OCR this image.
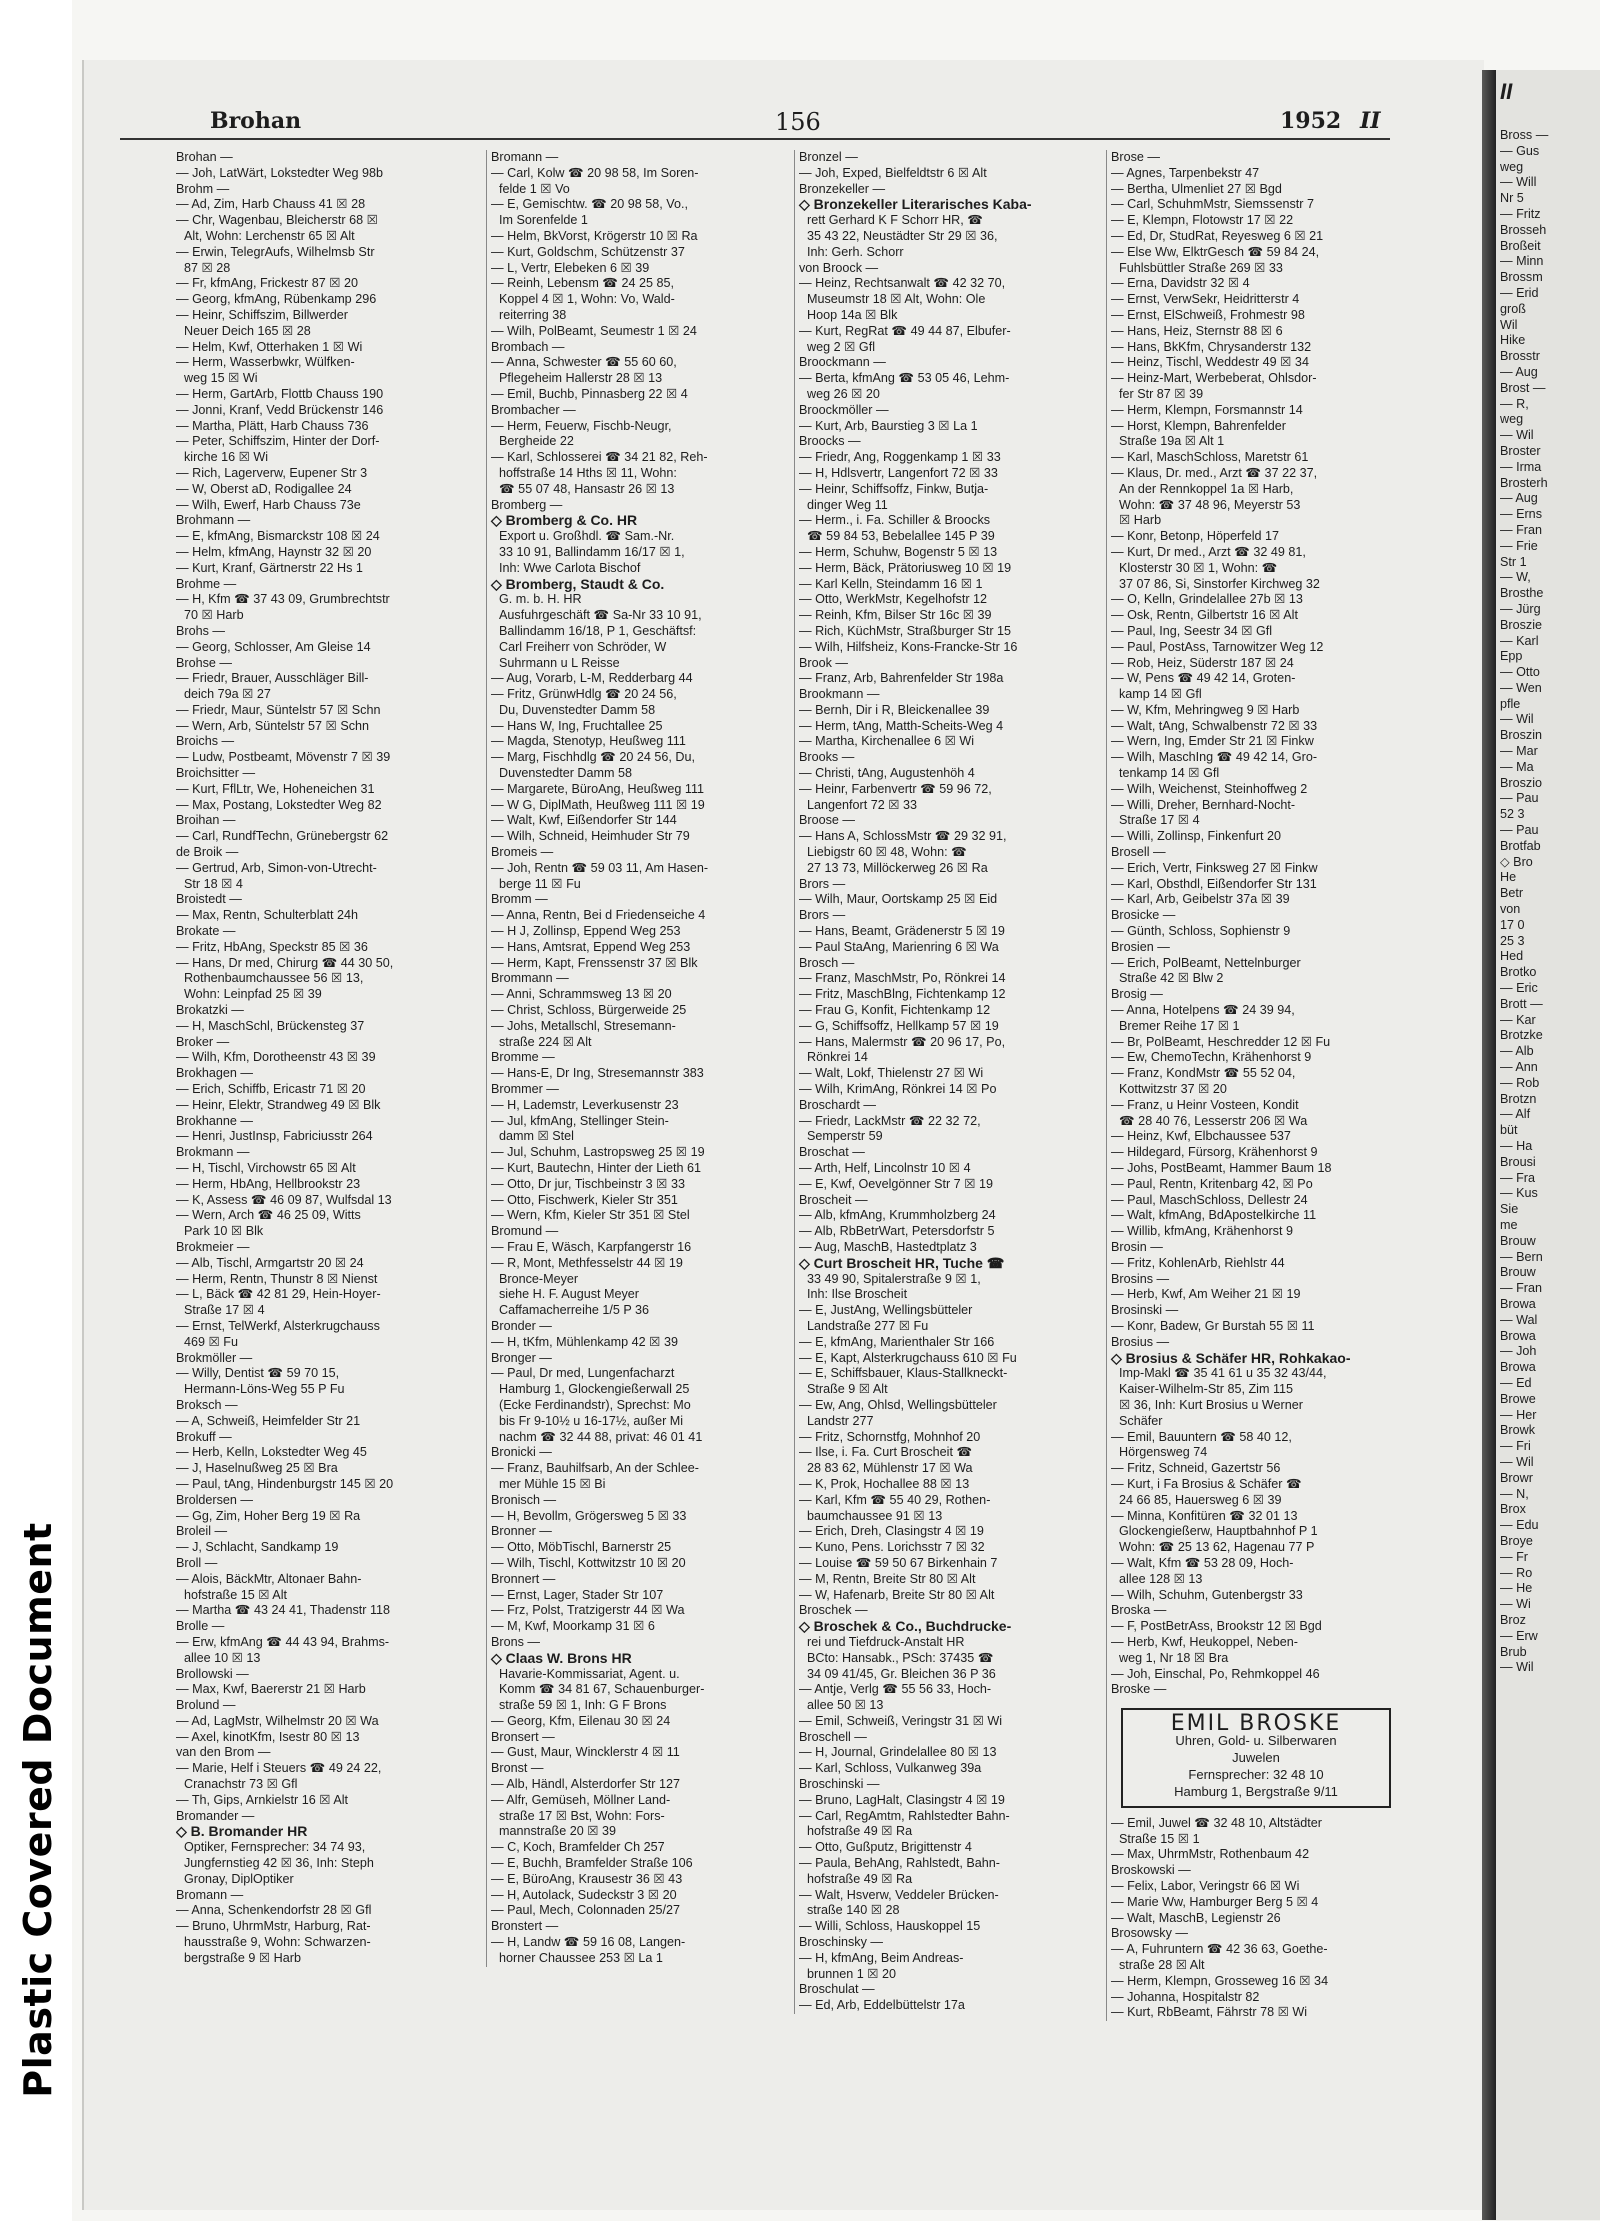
Plastic Covered Document
II
Bross —
— Gus
weg
— Will
Nr 5
— Fritz
Brosseh
Broßeit
— Minn
Brossm
— Erid
groß
Wil
Hike
Brosstr
— Aug
Brost —
— R,
weg
— Wil
Broster
— Irma
Brosterh
— Aug
— Erns
— Fran
— Frie
Str 1
— W,
Brosthe
— Jürg
Broszie
— Karl
Epp
— Otto
— Wen
pfle
— Wil
Broszin
— Mar
— Ma
Broszio
— Pau
52 3
— Pau
Brotfab
◇ Bro
He
Betr
von
17 0
25 3
Hed
Brotko
— Eric
Brott —
— Kar
Brotzke
— Alb
— Ann
— Rob
Brotzn
— Alf
büt
— Ha
Brousi
— Fra
— Kus
Sie
me
Brouw
— Bern
Brouw
— Fran
Browa
— Wal
Browa
— Joh
Browa
— Ed
Browe
— Her
Browk
— Fri
— Wil
Browr
— N,
Brox
— Edu
Broye
— Fr
— Ro
— He
— Wi
Broz
— Erw
Brub
— Wil
Brohan	156	1952 II
Brohan —
— Joh, LatWärt, Lokstedter Weg 98b
Brohm —
— Ad, Zim, Harb Chauss 41 ☒ 28
— Chr, Wagenbau, Bleicherstr 68 ☒
Alt, Wohn: Lerchenstr 65 ☒ Alt
— Erwin, TelegrAufs, Wilhelmsb Str
87 ☒ 28
— Fr, kfmAng, Frickestr 87 ☒ 20
— Georg, kfmAng, Rübenkamp 296
— Heinr, Schiffszim, Billwerder
Neuer Deich 165 ☒ 28
— Helm, Kwf, Otterhaken 1 ☒ Wi
— Herm, Wasserbwkr, Wülfken-
weg 15 ☒ Wi
— Herm, GartArb, Flottb Chauss 190
— Jonni, Kranf, Vedd Brückenstr 146
— Martha, Plätt, Harb Chauss 736
— Peter, Schiffszim, Hinter der Dorf-
kirche 16 ☒ Wi
— Rich, Lagerverw, Eupener Str 3
— W, Oberst aD, Rodigallee 24
— Wilh, Ewerf, Harb Chauss 73e
Brohmann —
— E, kfmAng, Bismarckstr 108 ☒ 24
— Helm, kfmAng, Haynstr 32 ☒ 20
— Kurt, Kranf, Gärtnerstr 22 Hs 1
Brohme —
— H, Kfm ☎ 37 43 09, Grumbrechtstr
70 ☒ Harb
Brohs —
— Georg, Schlosser, Am Gleise 14
Brohse —
— Friedr, Brauer, Ausschläger Bill-
deich 79a ☒ 27
— Friedr, Maur, Süntelstr 57 ☒ Schn
— Wern, Arb, Süntelstr 57 ☒ Schn
Broichs —
— Ludw, Postbeamt, Mövenstr 7 ☒ 39
Broichsitter —
— Kurt, FflLtr, We, Hoheneichen 31
— Max, Postang, Lokstedter Weg 82
Broihan —
— Carl, RundfTechn, Grünebergstr 62
de Broik —
— Gertrud, Arb, Simon-von-Utrecht-
Str 18 ☒ 4
Broistedt —
— Max, Rentn, Schulterblatt 24h
Brokate —
— Fritz, HbAng, Speckstr 85 ☒ 36
— Hans, Dr med, Chirurg ☎ 44 30 50,
Rothenbaumchaussee 56 ☒ 13,
Wohn: Leinpfad 25 ☒ 39
Brokatzki —
— H, MaschSchl, Brückensteg 37
Broker —
— Wilh, Kfm, Dorotheenstr 43 ☒ 39
Brokhagen —
— Erich, Schiffb, Ericastr 71 ☒ 20
— Heinr, Elektr, Strandweg 49 ☒ Blk
Brokhanne —
— Henri, JustInsp, Fabriciusstr 264
Brokmann —
— H, Tischl, Virchowstr 65 ☒ Alt
— Herm, HbAng, Hellbrookstr 23
— K, Assess ☎ 46 09 87, Wulfsdal 13
— Wern, Arch ☎ 46 25 09, Witts
Park 10 ☒ Blk
Brokmeier —
— Alb, Tischl, Armgartstr 20 ☒ 24
— Herm, Rentn, Thunstr 8 ☒ Nienst
— L, Bäck ☎ 42 81 29, Hein-Hoyer-
Straße 17 ☒ 4
— Ernst, TelWerkf, Alsterkrugchauss
469 ☒ Fu
Brokmöller —
— Willy, Dentist ☎ 59 70 15,
Hermann-Löns-Weg 55 P Fu
Broksch —
— A, Schweiß, Heimfelder Str 21
Brokuff —
— Herb, Kelln, Lokstedter Weg 45
— J, Haselnußweg 25 ☒ Bra
— Paul, tAng, Hindenburgstr 145 ☒ 20
Broldersen —
— Gg, Zim, Hoher Berg 19 ☒ Ra
Broleil —
— J, Schlacht, Sandkamp 19
Broll —
— Alois, BäckMtr, Altonaer Bahn-
hofstraße 15 ☒ Alt
— Martha ☎ 43 24 41, Thadenstr 118
Brolle —
— Erw, kfmAng ☎ 44 43 94, Brahms-
allee 10 ☒ 13
Brollowski —
— Max, Kwf, Baererstr 21 ☒ Harb
Brolund —
— Ad, LagMstr, Wilhelmstr 20 ☒ Wa
— Axel, kinotKfm, Isestr 80 ☒ 13
van den Brom —
— Marie, Helf i Steuers ☎ 49 24 22,
Cranachstr 73 ☒ Gfl
— Th, Gips, Arnkielstr 16 ☒ Alt
Bromander —
◇ B. Bromander HR
Optiker, Fernsprecher: 34 74 93,
Jungfernstieg 42 ☒ 36, Inh: Steph
Gronay, DiplOptiker
Bromann —
— Anna, Schenkendorfstr 28 ☒ Gfl
— Bruno, UhrmMstr, Harburg, Rat-
hausstraße 9, Wohn: Schwarzen-
bergstraße 9 ☒ Harb
Bromann —
— Carl, Kolw ☎ 20 98 58, Im Soren-
felde 1 ☒ Vo
— E, Gemischtw. ☎ 20 98 58, Vo.,
Im Sorenfelde 1
— Helm, BkVorst, Krögerstr 10 ☒ Ra
— Kurt, Goldschm, Schützenstr 37
— L, Vertr, Elebeken 6 ☒ 39
— Reinh, Lebensm ☎ 24 25 85,
Koppel 4 ☒ 1, Wohn: Vo, Wald-
reiterring 38
— Wilh, PolBeamt, Seumestr 1 ☒ 24
Brombach —
— Anna, Schwester ☎ 55 60 60,
Pflegeheim Hallerstr 28 ☒ 13
— Emil, Buchb, Pinnasberg 22 ☒ 4
Brombacher —
— Herm, Feuerw, Fischb-Neugr,
Bergheide 22
— Karl, Schlosserei ☎ 34 21 82, Reh-
hoffstraße 14 Hths ☒ 11, Wohn:
☎ 55 07 48, Hansastr 26 ☒ 13
Bromberg —
◇ Bromberg & Co. HR
Export u. Großhdl. ☎ Sam.-Nr.
33 10 91, Ballindamm 16/17 ☒ 1,
Inh: Wwe Carlota Bischof
◇ Bromberg, Staudt & Co.
G. m. b. H. HR
Ausfuhrgeschäft ☎ Sa-Nr 33 10 91,
Ballindamm 16/18, P 1, Geschäftsf:
Carl Freiherr von Schröder, W
Suhrmann u L Reisse
— Aug, Vorarb, L-M, Redderbarg 44
— Fritz, GrünwHdlg ☎ 20 24 56,
Du, Duvenstedter Damm 58
— Hans W, Ing, Fruchtallee 25
— Magda, Stenotyp, Heußweg 111
— Marg, Fischhdlg ☎ 20 24 56, Du,
Duvenstedter Damm 58
— Margarete, BüroAng, Heußweg 111
— W G, DiplMath, Heußweg 111 ☒ 19
— Walt, Kwf, Eißendorfer Str 144
— Wilh, Schneid, Heimhuder Str 79
Bromeis —
— Joh, Rentn ☎ 59 03 11, Am Hasen-
berge 11 ☒ Fu
Bromm —
— Anna, Rentn, Bei d Friedenseiche 4
— H J, Zollinsp, Eppend Weg 253
— Hans, Amtsrat, Eppend Weg 253
— Herm, Kapt, Frenssenstr 37 ☒ Blk
Brommann —
— Anni, Schrammsweg 13 ☒ 20
— Christ, Schloss, Bürgerweide 25
— Johs, Metallschl, Stresemann-
straße 224 ☒ Alt
Bromme —
— Hans-E, Dr Ing, Stresemannstr 383
Brommer —
— H, Lademstr, Leverkusenstr 23
— Jul, kfmAng, Stellinger Stein-
damm ☒ Stel
— Jul, Schuhm, Lastropsweg 25 ☒ 19
— Kurt, Bautechn, Hinter der Lieth 61
— Otto, Dr jur, Tischbeinstr 3 ☒ 33
— Otto, Fischwerk, Kieler Str 351
— Wern, Kfm, Kieler Str 351 ☒ Stel
Bromund —
— Frau E, Wäsch, Karpfangerstr 16
— R, Mont, Methfesselstr 44 ☒ 19
Bronce-Meyer
siehe H. F. August Meyer
Caffamacherreihe 1/5 P 36
Bronder —
— H, tKfm, Mühlenkamp 42 ☒ 39
Bronger —
— Paul, Dr med, Lungenfacharzt
Hamburg 1, Glockengießerwall 25
(Ecke Ferdinandstr), Sprechst: Mo
bis Fr 9-10½ u 16-17½, außer Mi
nachm ☎ 32 44 88, privat: 46 01 41
Bronicki —
— Franz, Bauhilfsarb, An der Schlee-
mer Mühle 15 ☒ Bi
Bronisch —
— H, Bevollm, Grögersweg 5 ☒ 33
Bronner —
— Otto, MöbTischl, Barnerstr 25
— Wilh, Tischl, Kottwitzstr 10 ☒ 20
Bronnert —
— Ernst, Lager, Stader Str 107
— Frz, Polst, Tratzigerstr 44 ☒ Wa
— M, Kwf, Moorkamp 31 ☒ 6
Brons —
◇ Claas W. Brons HR
Havarie-Kommissariat, Agent. u.
Komm ☎ 34 81 67, Schauenburger-
straße 59 ☒ 1, Inh: G F Brons
— Georg, Kfm, Eilenau 30 ☒ 24
Bronsert —
— Gust, Maur, Wincklerstr 4 ☒ 11
Bronst —
— Alb, Händl, Alsterdorfer Str 127
— Alfr, Gemüseh, Möllner Land-
straße 17 ☒ Bst, Wohn: Fors-
mannstraße 20 ☒ 39
— C, Koch, Bramfelder Ch 257
— E, Buchh, Bramfelder Straße 106
— E, BüroAng, Krausestr 36 ☒ 43
— H, Autolack, Sudeckstr 3 ☒ 20
— Paul, Mech, Colonnaden 25/27
Bronstert —
— H, Landw ☎ 59 16 08, Langen-
horner Chaussee 253 ☒ La 1
Bronzel —
— Joh, Exped, Bielfeldtstr 6 ☒ Alt
Bronzekeller —
◇ Bronzekeller Literarisches Kaba-
rett Gerhard K F Schorr HR, ☎
35 43 22, Neustädter Str 29 ☒ 36,
Inh: Gerh. Schorr
von Broock —
— Heinz, Rechtsanwalt ☎ 42 32 70,
Museumstr 18 ☒ Alt, Wohn: Ole
Hoop 14a ☒ Blk
— Kurt, RegRat ☎ 49 44 87, Elbufer-
weg 2 ☒ Gfl
Broockmann —
— Berta, kfmAng ☎ 53 05 46, Lehm-
weg 26 ☒ 20
Broockmöller —
— Kurt, Arb, Baurstieg 3 ☒ La 1
Broocks —
— Friedr, Ang, Roggenkamp 1 ☒ 33
— H, Hdlsvertr, Langenfort 72 ☒ 33
— Heinr, Schiffsoffz, Finkw, Butja-
dinger Weg 11
— Herm., i. Fa. Schiller & Broocks
☎ 59 84 53, Bebelallee 145 P 39
— Herm, Schuhw, Bogenstr 5 ☒ 13
— Herm, Bäck, Prätoriusweg 10 ☒ 19
— Karl Kelln, Steindamm 16 ☒ 1
— Otto, WerkMstr, Kegelhofstr 12
— Reinh, Kfm, Bilser Str 16c ☒ 39
— Rich, KüchMstr, Straßburger Str 15
— Wilh, Hilfsheiz, Kons-Francke-Str 16
Brook —
— Franz, Arb, Bahrenfelder Str 198a
Brookmann —
— Bernh, Dir i R, Bleickenallee 39
— Herm, tAng, Matth-Scheits-Weg 4
— Martha, Kirchenallee 6 ☒ Wi
Brooks —
— Christi, tAng, Augustenhöh 4
— Heinr, Farbenvertr ☎ 59 96 72,
Langenfort 72 ☒ 33
Broose —
— Hans A, SchlossMstr ☎ 29 32 91,
Liebigstr 60 ☒ 48, Wohn: ☎
27 13 73, Millöckerweg 26 ☒ Ra
Brors —
— Wilh, Maur, Oortskamp 25 ☒ Eid
Brors —
— Hans, Beamt, Grädenerstr 5 ☒ 19
— Paul StaAng, Marienring 6 ☒ Wa
Brosch —
— Franz, MaschMstr, Po, Rönkrei 14
— Fritz, MaschBlng, Fichtenkamp 12
— Frau G, Konfit, Fichtenkamp 12
— G, Schiffsoffz, Hellkamp 57 ☒ 19
— Hans, Malermstr ☎ 20 96 17, Po,
Rönkrei 14
— Walt, Lokf, Thielenstr 27 ☒ Wi
— Wilh, KrimAng, Rönkrei 14 ☒ Po
Broschardt —
— Friedr, LackMstr ☎ 22 32 72,
Semperstr 59
Broschat —
— Arth, Helf, Lincolnstr 10 ☒ 4
— E, Kwf, Oevelgönner Str 7 ☒ 19
Broscheit —
— Alb, kfmAng, Krummholzberg 24
— Alb, RbBetrWart, Petersdorfstr 5
— Aug, MaschB, Hastedtplatz 3
◇ Curt Broscheit HR, Tuche ☎
33 49 90, Spitalerstraße 9 ☒ 1,
Inh: Ilse Broscheit
— E, JustAng, Wellingsbütteler
Landstraße 277 ☒ Fu
— E, kfmAng, Marienthaler Str 166
— E, Kapt, Alsterkrugchauss 610 ☒ Fu
— E, Schiffsbauer, Klaus-Stallkneckt-
Straße 9 ☒ Alt
— Ew, Ang, Ohlsd, Wellingsbütteler
Landstr 277
— Fritz, Schornstfg, Mohnhof 20
— Ilse, i. Fa. Curt Broscheit ☎
28 83 62, Mühlenstr 17 ☒ Wa
— K, Prok, Hochallee 88 ☒ 13
— Karl, Kfm ☎ 55 40 29, Rothen-
baumchaussee 91 ☒ 13
— Erich, Dreh, Clasingstr 4 ☒ 19
— Kuno, Pens. Lorichsstr 7 ☒ 32
— Louise ☎ 59 50 67 Birkenhain 7
— M, Rentn, Breite Str 80 ☒ Alt
— W, Hafenarb, Breite Str 80 ☒ Alt
Broschek —
◇ Broschek & Co., Buchdrucke-
rei und Tiefdruck-Anstalt HR
BCto: Hansabk., PSch: 37435 ☎
34 09 41/45, Gr. Bleichen 36 P 36
— Antje, Verlg ☎ 55 56 33, Hoch-
allee 50 ☒ 13
— Emil, Schweiß, Veringstr 31 ☒ Wi
Broschell —
— H, Journal, Grindelallee 80 ☒ 13
— Karl, Schloss, Vulkanweg 39a
Broschinski —
— Bruno, LagHalt, Clasingstr 4 ☒ 19
— Carl, RegAmtm, Rahlstedter Bahn-
hofstraße 49 ☒ Ra
— Otto, Gußputz, Brigittenstr 4
— Paula, BehAng, Rahlstedt, Bahn-
hofstraße 49 ☒ Ra
— Walt, Hsverw, Veddeler Brücken-
straße 140 ☒ 28
— Willi, Schloss, Hauskoppel 15
Broschinsky —
— H, kfmAng, Beim Andreas-
brunnen 1 ☒ 20
Broschulat —
— Ed, Arb, Eddelbüttelstr 17a
Brose —
— Agnes, Tarpenbekstr 47
— Bertha, Ulmenliet 27 ☒ Bgd
— Carl, SchuhmMstr, Siemssenstr 7
— E, Klempn, Flotowstr 17 ☒ 22
— Ed, Dr, StudRat, Reyesweg 6 ☒ 21
— Else Ww, ElktrGesch ☎ 59 84 24,
Fuhlsbüttler Straße 269 ☒ 33
— Erna, Davidstr 32 ☒ 4
— Ernst, VerwSekr, Heidritterstr 4
— Ernst, ElSchweiß, Frohmestr 98
— Hans, Heiz, Sternstr 88 ☒ 6
— Hans, BkKfm, Chrysanderstr 132
— Heinz, Tischl, Weddestr 49 ☒ 34
— Heinz-Mart, Werbeberat, Ohlsdor-
fer Str 87 ☒ 39
— Herm, Klempn, Forsmannstr 14
— Horst, Klempn, Bahrenfelder
Straße 19a ☒ Alt 1
— Karl, MaschSchloss, Maretstr 61
— Klaus, Dr. med., Arzt ☎ 37 22 37,
An der Rennkoppel 1a ☒ Harb,
Wohn: ☎ 37 48 96, Meyerstr 53
☒ Harb
— Konr, Betonp, Höperfeld 17
— Kurt, Dr med., Arzt ☎ 32 49 81,
Klosterstr 30 ☒ 1, Wohn: ☎
37 07 86, Si, Sinstorfer Kirchweg 32
— O, Kelln, Grindelallee 27b ☒ 13
— Osk, Rentn, Gilbertstr 16 ☒ Alt
— Paul, Ing, Seestr 34 ☒ Gfl
— Paul, PostAss, Tarnowitzer Weg 12
— Rob, Heiz, Süderstr 187 ☒ 24
— W, Pens ☎ 49 42 14, Groten-
kamp 14 ☒ Gfl
— W, Kfm, Mehringweg 9 ☒ Harb
— Walt, tAng, Schwalbenstr 72 ☒ 33
— Wern, Ing, Emder Str 21 ☒ Finkw
— Wilh, MaschIng ☎ 49 42 14, Gro-
tenkamp 14 ☒ Gfl
— Wilh, Weichenst, Steinhoffweg 2
— Willi, Dreher, Bernhard-Nocht-
Straße 17 ☒ 4
— Willi, Zollinsp, Finkenfurt 20
Brosell —
— Erich, Vertr, Finksweg 27 ☒ Finkw
— Karl, Obsthdl, Eißendorfer Str 131
— Karl, Arb, Geibelstr 37a ☒ 39
Brosicke —
— Günth, Schloss, Sophienstr 9
Brosien —
— Erich, PolBeamt, Nettelnburger
Straße 42 ☒ Blw 2
Brosig —
— Anna, Hotelpens ☎ 24 39 94,
Bremer Reihe 17 ☒ 1
— Br, PolBeamt, Heschredder 12 ☒ Fu
— Ew, ChemoTechn, Krähenhorst 9
— Franz, KondMstr ☎ 55 52 04,
Kottwitzstr 37 ☒ 20
— Franz, u Heinr Vosteen, Kondit
☎ 28 40 76, Lesserstr 206 ☒ Wa
— Heinz, Kwf, Elbchaussee 537
— Hildegard, Fürsorg, Krähenhorst 9
— Johs, PostBeamt, Hammer Baum 18
— Paul, Rentn, Kritenbarg 42, ☒ Po
— Paul, MaschSchloss, Dellestr 24
— Walt, kfmAng, BdApostelkirche 11
— Willib, kfmAng, Krähenhorst 9
Brosin —
— Fritz, KohlenArb, Riehlstr 44
Brosins —
— Herb, Kwf, Am Weiher 21 ☒ 19
Brosinski —
— Konr, Badew, Gr Burstah 55 ☒ 11
Brosius —
◇ Brosius & Schäfer HR, Rohkakao-
Imp-Makl ☎ 35 41 61 u 35 32 43/44,
Kaiser-Wilhelm-Str 85, Zim 115
☒ 36, Inh: Kurt Brosius u Werner
Schäfer
— Emil, Bauuntern ☎ 58 40 12,
Hörgensweg 74
— Fritz, Schneid, Gazertstr 56
— Kurt, i Fa Brosius & Schäfer ☎
24 66 85, Hauersweg 6 ☒ 39
— Minna, Konfitüren ☎ 32 01 13
Glockengießerw, Hauptbahnhof P 1
Wohn: ☎ 25 13 62, Hagenau 77 P
— Walt, Kfm ☎ 53 28 09, Hoch-
allee 128 ☒ 13
— Wilh, Schuhm, Gutenbergstr 33
Broska —
— F, PostBetrAss, Brookstr 12 ☒ Bgd
— Herb, Kwf, Heukoppel, Neben-
weg 1, Nr 18 ☒ Bra
— Joh, Einschal, Po, Rehmkoppel 46
Broske —
EMIL BROSKE
Uhren, Gold- u. Silberwaren
Juwelen
Fernsprecher: 32 48 10
Hamburg 1, Bergstraße 9/11
— Emil, Juwel ☎ 32 48 10, Altstädter
Straße 15 ☒ 1
— Max, UhrmMstr, Rothenbaum 42
Broskowski —
— Felix, Labor, Veringstr 66 ☒ Wi
— Marie Ww, Hamburger Berg 5 ☒ 4
— Walt, MaschB, Legienstr 26
Brosowsky —
— A, Fuhruntern ☎ 42 36 63, Goethe-
straße 28 ☒ Alt
— Herm, Klempn, Grosseweg 16 ☒ 34
— Johanna, Hospitalstr 82
— Kurt, RbBeamt, Fährstr 78 ☒ Wi
